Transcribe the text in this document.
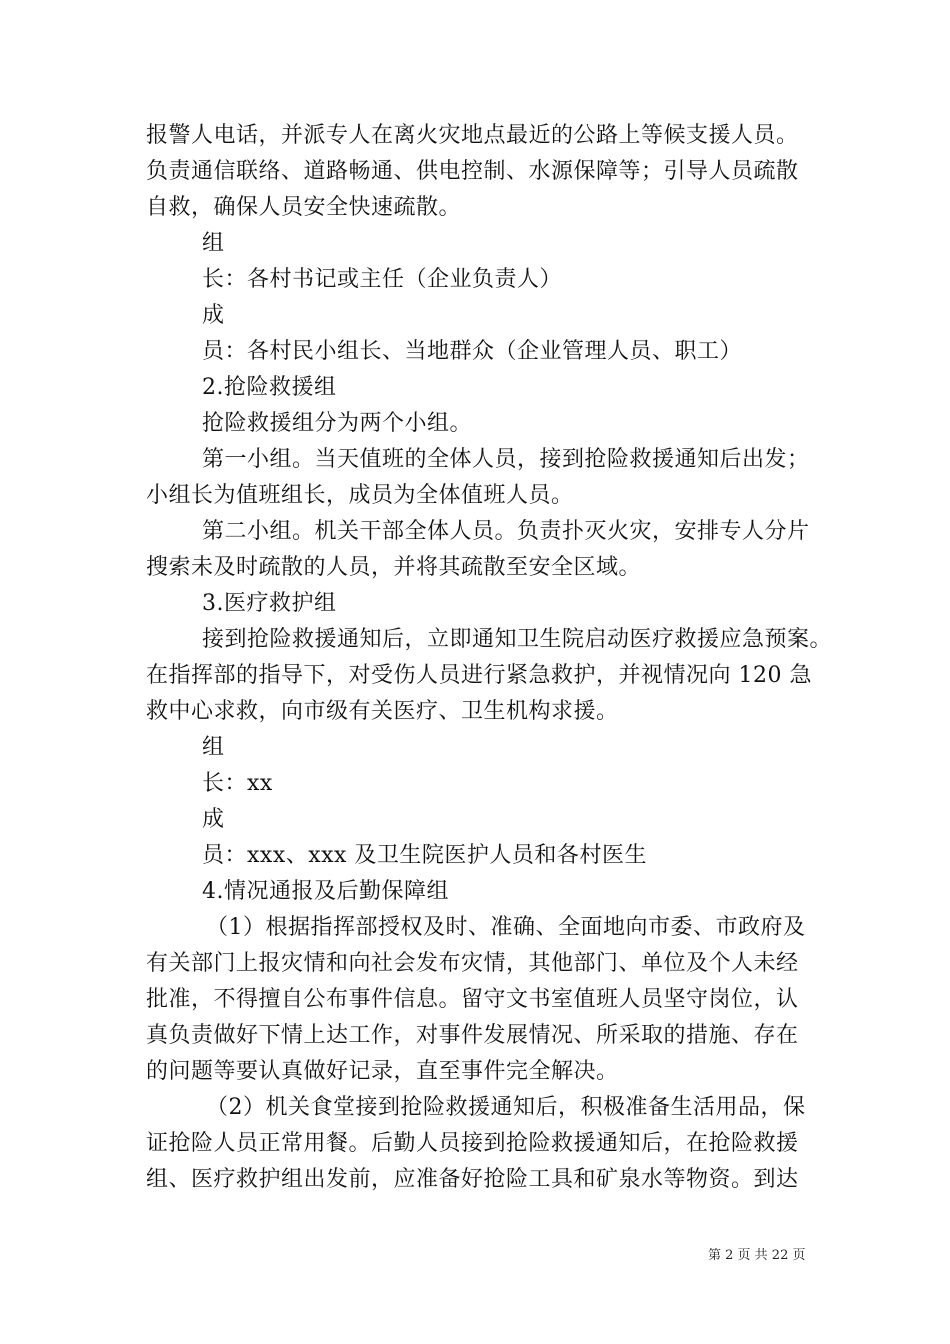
报警人电话，并派专人在离火灾地点最近的公路上等候支援人员。
负责通信联络、道路畅通、供电控制、水源保障等；引导人员疏散
自救，确保人员安全快速疏散。
组
长：各村书记或主任（企业负责人）
成
员：各村民小组长、当地群众（企业管理人员、职工）
2.抢险救援组
抢险救援组分为两个小组。
第一小组。当天值班的全体人员，接到抢险救援通知后出发；
小组长为值班组长，成员为全体值班人员。
第二小组。机关干部全体人员。负责扑灭火灾，安排专人分片
搜索未及时疏散的人员，并将其疏散至安全区域。
3.医疗救护组
接到抢险救援通知后，立即通知卫生院启动医疗救援应急预案。
在指挥部的指导下，对受伤人员进行紧急救护，并视情况向 120 急
救中心求救，向市级有关医疗、卫生机构求援。
组
长：xx
成
员：xxx、xxx 及卫生院医护人员和各村医生
4.情况通报及后勤保障组
（1）根据指挥部授权及时、准确、全面地向市委、市政府及
有关部门上报灾情和向社会发布灾情，其他部门、单位及个人未经
批准，不得擅自公布事件信息。留守文书室值班人员坚守岗位，认
真负责做好下情上达工作，对事件发展情况、所采取的措施、存在
的问题等要认真做好记录，直至事件完全解决。
（2）机关食堂接到抢险救援通知后，积极准备生活用品，保
证抢险人员正常用餐。后勤人员接到抢险救援通知后，在抢险救援
组、医疗救护组出发前，应准备好抢险工具和矿泉水等物资。到达
第 2 页 共 22 页
